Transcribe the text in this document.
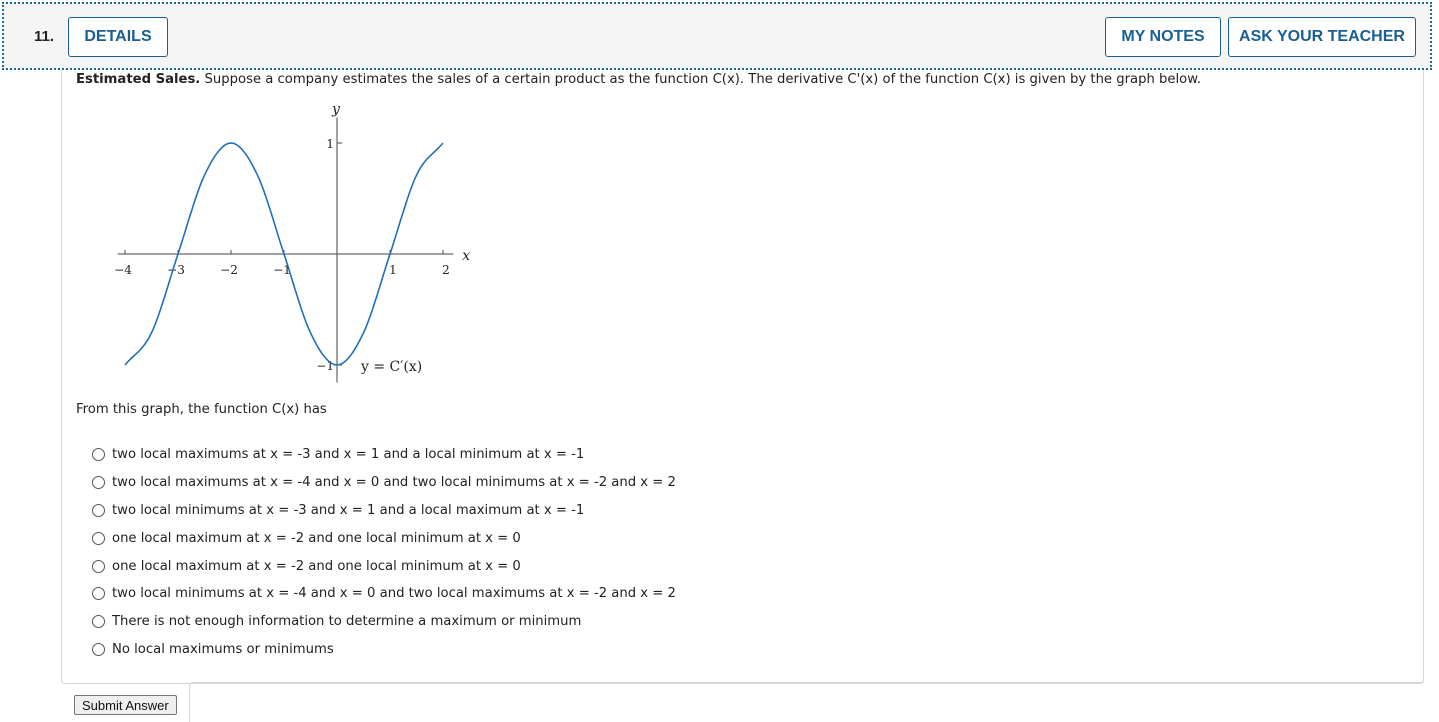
11.	DETAILS	MY NOTES	ASK YOUR TEACHER
Estimated Sales. Suppose a company estimates the sales of a certain product as the function C(x). The derivative C'(x) of the function C(x) is given by the graph below.
−4	−3	−2	−1	1	2
1
−1
x
y
y = C′(x)
From this graph, the function C(x) has
two local maximums at x = -3 and x = 1 and a local minimum at x = -1
two local maximums at x = -4 and x = 0 and two local minimums at x = -2 and x = 2
two local minimums at x = -3 and x = 1 and a local maximum at x = -1
one local maximum at x = -2 and one local minimum at x = 0
one local maximum at x = -2 and one local minimum at x = 0
two local minimums at x = -4 and x = 0 and two local maximums at x = -2 and x = 2
There is not enough information to determine a maximum or minimum
No local maximums or minimums
Submit Answer
